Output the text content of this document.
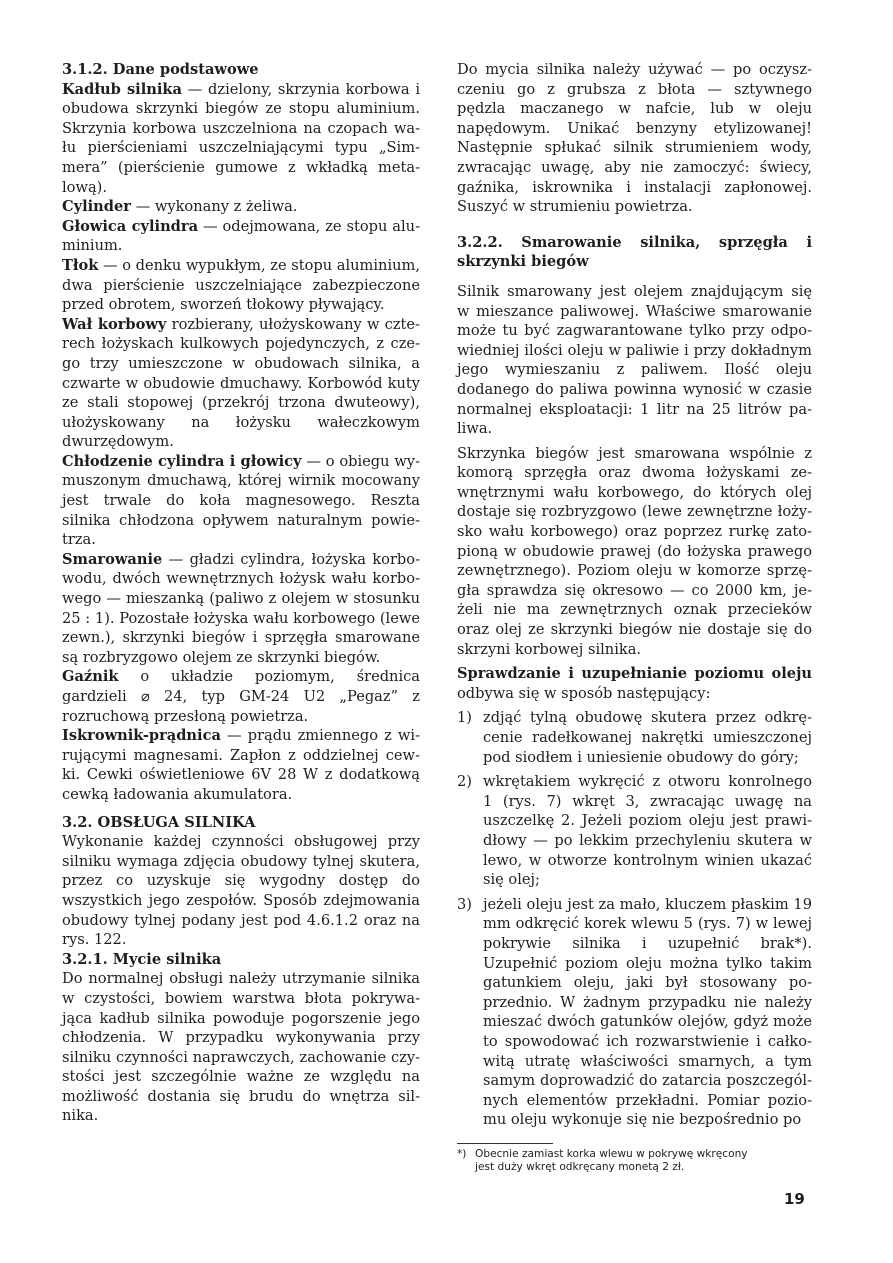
3.1.2. Dane podstawowe

Kadłub silnika — dzielony, skrzynia korbowa i obudowa skrzynki biegów ze stopu aluminium. Skrzynia korbowa uszczelniona na czopach wału pierścieniami uszczelniającymi typu „Simmera” (pierścienie gumowe z wkładką metalową).

Cylinder — wykonany z żeliwa.

Głowica cylindra — odejmowana, ze stopu aluminium.

Tłok — o denku wypukłym, ze stopu aluminium, dwa pierścienie uszczelniające zabezpieczone przed obrotem, sworzeń tłokowy pływający.

Wał korbowy rozbierany, ułożyskowany w czterech łożyskach kulkowych pojedynczych, z czego trzy umieszczone w obudowach silnika, a czwarte w obudowie dmuchawy. Korbowód kuty ze stali stopowej (przekrój trzona dwuteowy), ułożyskowany na łożysku wałeczkowym dwurzędowym.

Chłodzenie cylindra i głowicy — o obiegu wymuszonym dmuchawą, której wirnik mocowany jest trwale do koła magnesowego. Reszta silnika chłodzona opływem naturalnym powietrza.

Smarowanie — gładzi cylindra, łożyska korbowodu, dwóch wewnętrznych łożysk wału korbowego — mieszanką (paliwo z olejem w stosunku 25 : 1). Pozostałe łożyska wału korbowego (lewe zewn.), skrzynki biegów i sprzęgła smarowane są rozbryzgowo olejem ze skrzynki biegów.

Gaźnik o układzie poziomym, średnica gardzieli ⌀ 24, typ GM-24 U2 „Pegaz” z rozruchową przesłoną powietrza.

Iskrownik-prądnica — prądu zmiennego z wirującymi magnesami. Zapłon z oddzielnej cewki. Cewki oświetleniowe 6V 28 W z dodatkową cewką ładowania akumulatora.

3.2. OBSŁUGA SILNIKA

Wykonanie każdej czynności obsługowej przy silniku wymaga zdjęcia obudowy tylnej skutera, przez co uzyskuje się wygodny dostęp do wszystkich jego zespołów. Sposób zdejmowania obudowy tylnej podany jest pod 4.6.1.2 oraz na rys. 122.

3.2.1. Mycie silnika

Do normalnej obsługi należy utrzymanie silnika w czystości, bowiem warstwa błota pokrywająca kadłub silnika powoduje pogorszenie jego chłodzenia. W przypadku wykonywania przy silniku czynności naprawczych, zachowanie czystości jest szczególnie ważne ze względu na możliwość dostania się brudu do wnętrza silnika.

Do mycia silnika należy używać — po oczyszczeniu go z grubsza z błota — sztywnego pędzla maczanego w nafcie, lub w oleju napędowym. Unikać benzyny etylizowanej! Następnie spłukać silnik strumieniem wody, zwracając uwagę, aby nie zamoczyć: świecy, gaźnika, iskrownika i instalacji zapłonowej. Suszyć w strumieniu powietrza.

3.2.2. Smarowanie silnika, sprzęgła i skrzynki biegów

Silnik smarowany jest olejem znajdującym się w mieszance paliwowej. Właściwe smarowanie może tu być zagwarantowane tylko przy odpowiedniej ilości oleju w paliwie i przy dokładnym jego wymieszaniu z paliwem. Ilość oleju dodanego do paliwa powinna wynosić w czasie normalnej eksploatacji: 1 litr na 25 litrów paliwa.

Skrzynka biegów jest smarowana wspólnie z komorą sprzęgła oraz dwoma łożyskami zewnętrznymi wału korbowego, do których olej dostaje się rozbryzgowo (lewe zewnętrzne łożysko wału korbowego) oraz poprzez rurkę zatopioną w obudowie prawej (do łożyska prawego zewnętrznego). Poziom oleju w komorze sprzęgła sprawdza się okresowo — co 2000 km, jeżeli nie ma zewnętrznych oznak przecieków oraz olej ze skrzynki biegów nie dostaje się do skrzyni korbowej silnika.

Sprawdzanie i uzupełnianie poziomu oleju odbywa się w sposób następujący:

1) zdjąć tylną obudowę skutera przez odkręcenie radełkowanej nakrętki umieszczonej pod siodłem i uniesienie obudowy do góry;
2) wkrętakiem wykręcić z otworu konrolnego 1 (rys. 7) wkręt 3, zwracając uwagę na uszczelkę 2. Jeżeli poziom oleju jest prawidłowy — po lekkim przechyleniu skutera w lewo, w otworze kontrolnym winien ukazać się olej;
3) jeżeli oleju jest za mało, kluczem płaskim 19 mm odkręcić korek wlewu 5 (rys. 7) w lewej pokrywie silnika i uzupełnić brak*). Uzupełnić poziom oleju można tylko takim gatunkiem oleju, jaki był stosowany poprzednio. W żadnym przypadku nie należy mieszać dwóch gatunków olejów, gdyż może to spowodować ich rozwarstwienie i całkowitą utratę właściwości smarnych, a tym samym doprowadzić do zatarcia poszczególnych elementów przekładni. Pomiar poziomu oleju wykonuje się nie bezpośrednio po
*) Obecnie zamiast korka wlewu w pokrywę wkręcony
jest duży wkręt odkręcany monetą 2 zł.
19
